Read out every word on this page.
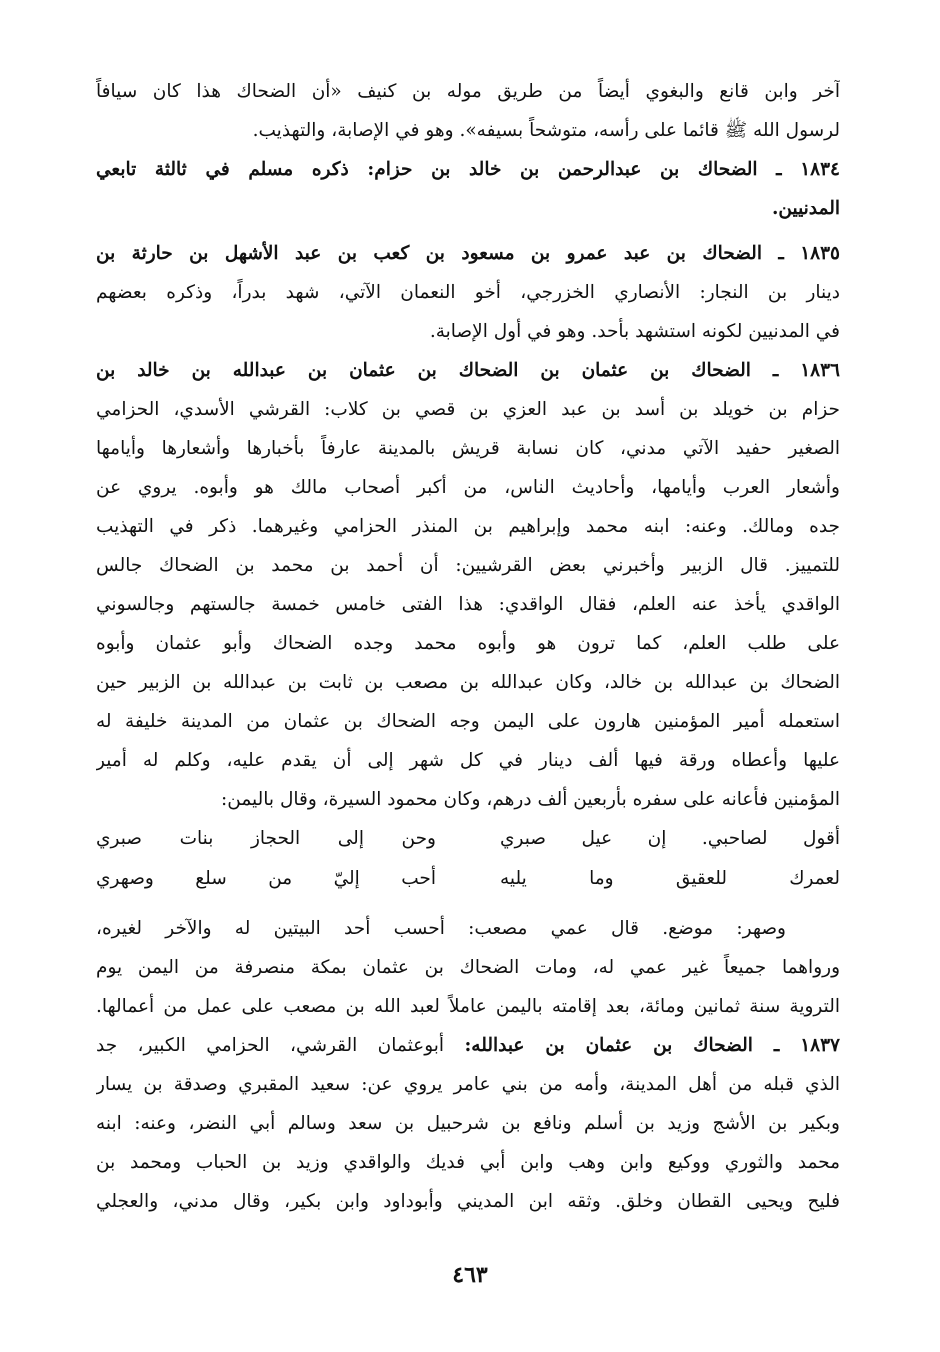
آخر وابن قانع والبغوي أيضاً من طريق موله بن كنيف «أن الضحاك هذا كان سيافاً
لرسول الله ﷺ قائما على رأسه، متوشحاً بسيفه». وهو في الإصابة، والتهذيب.
١٨٣٤ ـ الضحاك بن عبدالرحمن بن خالد بن حزام: ذكره مسلم في ثالثة تابعي
المدنيين.
١٨٣٥ ـ الضحاك بن عبد عمرو بن مسعود بن كعب بن عبد الأشهل بن حارثة بن
دينار بن النجار: الأنصاري الخزرجي، أخو النعمان الآتي، شهد بدراً، وذكره بعضهم
في المدنيين لكونه استشهد بأحد. وهو في أول الإصابة.
١٨٣٦ ـ الضحاك بن عثمان بن الضحاك بن عثمان بن عبدالله بن خالد بن
حزام بن خويلد بن أسد بن عبد العزي بن قصي بن كلاب: القرشي الأسدي، الحزامي
الصغير حفيد الآتي مدني، كان نسابة قريش بالمدينة عارفاً بأخبارها وأشعارها وأيامها
وأشعار العرب وأيامها، وأحاديث الناس، من أكبر أصحاب مالك هو وأبوه. يروي عن
جده ومالك. وعنه: ابنه محمد وإبراهيم بن المنذر الحزامي وغيرهما. ذكر في التهذيب
للتمييز. قال الزبير وأخبرني بعض القرشيين: أن أحمد بن محمد بن الضحاك جالس
الواقدي يأخذ عنه العلم، فقال الواقدي: هذا الفتى خامس خمسة جالستهم وجالسوني
على طلب العلم، كما ترون هو وأبوه محمد وجده الضحاك وأبو عثمان وأبوه
الضحاك بن عبدالله بن خالد، وكان عبدالله بن مصعب بن ثابت بن عبدالله بن الزبير حين
استعمله أمير المؤمنين هارون على اليمن وجه الضحاك بن عثمان من المدينة خليفة له
عليها وأعطاه ورقة فيها ألف دينار في كل شهر إلى أن يقدم عليه، وكلم له أمير
المؤمنين فأعانه على سفره بأربعين ألف درهم، وكان محمود السيرة، وقال باليمن:
أقول لصاحبي. إن عيل صبري
وحن إلى الحجاز بنات صبري
لعمرك للعقيق وما يليه
أحب إليّ من سلع وصهري
وصهر: موضع. قال عمي مصعب: أحسب أحد البيتين له والآخر لغيره،
ورواهما جميعاً غير عمي له، ومات الضحاك بن عثمان بمكة منصرفة من اليمن يوم
التروية سنة ثمانين ومائة، بعد إقامته باليمن عاملاً لعبد الله بن مصعب على عمل من أعمالها.
١٨٣٧ ـ الضحاك بن عثمان بن عبدالله: أبوعثمان القرشي، الحزامي الكبير، جد
الذي قبله من أهل المدينة، وأمه من بني عامر يروي عن: سعيد المقبري وصدقة بن يسار
وبكير بن الأشج وزيد بن أسلم ونافع بن شرحبيل بن سعد وسالم أبي النضر، وعنه: ابنه
محمد والثوري ووكيع وابن وهب وابن أبي فديك والواقدي وزيد بن الحباب ومحمد بن
فليح ويحيى القطان وخلق. وثقه ابن المديني وأبوداود وابن بكير، وقال مدني، والعجلي
٤٦٣
